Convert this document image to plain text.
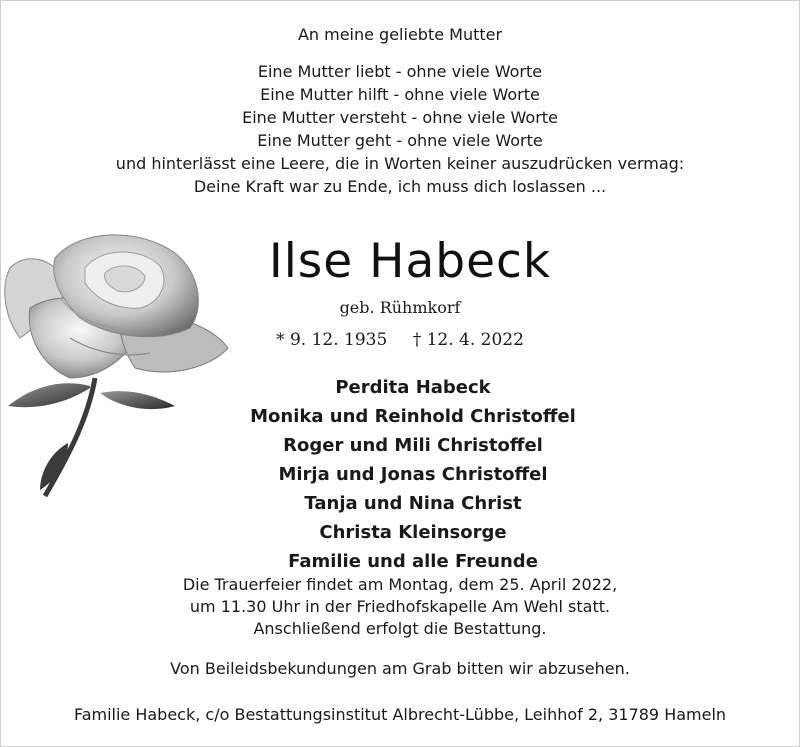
An meine geliebte Mutter
Eine Mutter liebt - ohne viele Worte
Eine Mutter hilft - ohne viele Worte
Eine Mutter versteht - ohne viele Worte
Eine Mutter geht - ohne viele Worte
und hinterlässt eine Leere, die in Worten keiner auszudrücken vermag:
Deine Kraft war zu Ende, ich muss dich loslassen ...
Ilse Habeck
geb. Rühmkorf
* 9. 12. 1935 † 12. 4. 2022
Perdita Habeck
Monika und Reinhold Christoffel
Roger und Mili Christoffel
Mirja und Jonas Christoffel
Tanja und Nina Christ
Christa Kleinsorge
Familie und alle Freunde
Die Trauerfeier findet am Montag, dem 25. April 2022,
um 11.30 Uhr in der Friedhofskapelle Am Wehl statt.
Anschließend erfolgt die Bestattung.
Von Beileidsbekundungen am Grab bitten wir abzusehen.
Familie Habeck, c/o Bestattungsinstitut Albrecht-Lübbe, Leihhof 2, 31789 Hameln
